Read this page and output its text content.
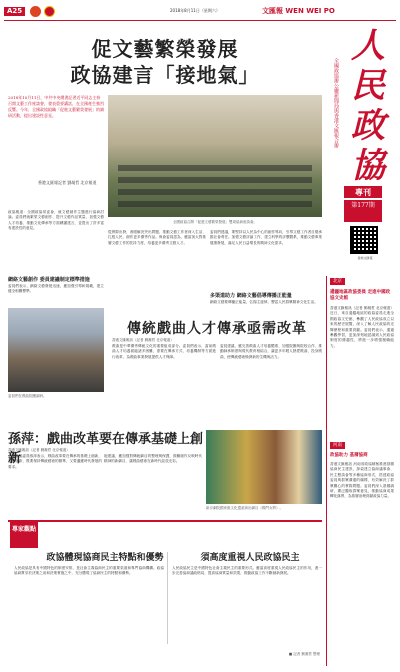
A25	2018年8月11日（星期六）	文匯報 WEN WEI PO
促文藝繁榮發展
政協建言「接地氣」	全國政協辦公廳新聞局與香港文匯報合辦
人民政協
專刊
第177期
香港文匯報
2018年10月11日，中共中央總書記習近平同志主持召開文藝工作座談會，發表重要講話，在全國產生強烈反響。今年，全國政協組織「促進文藝繁榮發展」的調研活動，提出建設性意見。
全國政協召開「促進文藝繁榮發展」雙周協商座談會。
香港文匯報記者 劉凝哲 北京報道
政協報道：全國政協常委會，就文藝創作主題進行協商討論。委員們就繁榮文藝創作、提升文藝作品質量、加強文藝人才培養、推動文化傳承等方面踴躍建言，並提出了許多富有建設性的意見。
網絡文藝創作 委員建議制定標準措施
委員們表示，網絡文藝發展迅速，應加強引導和規範，建立健全相關標準。
從實際出發，著眼解決突出問題，推動文藝工作者深入生活、扎根人民，創作更多優秀作品。與會委員認為，應當加大對基層文藝工作的扶持力度，培養更多優秀文藝人才。
委員們建議，要堅持以人民為中心的創作導向，引導文藝工作者自覺承擔社會責任。加強文藝評論工作，建立科學的評價體系，推動文藝事業健康發展，滿足人民日益增長的精神文化需求。
多渠道助力 網絡文藝倡導傳播正能量
網絡文藝要傳播正能量，弘揚主旋律，豐富人民群眾精神文化生活。
委員們在戲曲院團調研。
傳統戲曲人才傳承亟需改革
香港文匯報訊（記者 劉凝哲 北京報道）
戲曲是中華優秀傳統文化的重要組成部分。委員們表示，當前戲曲人才培養面臨諸多困難，需要在傳承方式、培養機制等方面進行改革，為戲曲事業發展提供人才保障。
委員建議，應完善戲曲人才培養體系，加強院團與院校合作，推動師承制度與現代教育相結合，讓更多年輕人熱愛戲曲、投身戲曲，使傳統藝術煥發新的生機與活力。
孫萍：戲曲改革要在傳承基礎上創新
香港文匯報訊（記者 劉凝哲 北京報道）
全國政協委員孫萍表示，戲曲改革要在傳承的基礎上創新，守正創新，既要保持傳統藝術的精華，又要適應時代發展的要求。
她建議，應加強對傳統劇目的整理與保護，鼓勵創作反映時代精神的新劇目，讓戲曲藝術在新時代綻放光彩。
新京劇院國家級文化遺產演出劇目《楊門女將》。
北京
邊疆地區政協委員 走進中國政協文史館
香港文匯報訊（記者 劉凝哲 北京報道）近日，來自邊疆地區的政協委員走進全國政協文史館，參觀了人民政協成立以來的歷史展覽，深入了解人民政協的光輝歷程和重要貢獻。委員們表示，通過參觀學習，更加深刻地認識到人民政協制度的優越性，將進一步增強履職能力。
河南
政協助力 基層協商
香港文匯報訊 河南省政協積極推進基層協商民主建設，探索建立協商議事會、民主懇談會等多種協商形式，搭建政協委員與群眾溝通的橋樑，有效解決了群眾關心的實際問題。委員們深入基層調研，廣泛聽取群眾意見，推動協商成果轉化落實，為基層治理貢獻政協力量。
專家觀點
政協體現協商民主特點和優勢	須高度重視人民政協民主
人民政協是具有中國特色的制度安排，是社會主義協商民主的重要渠道和專門協商機構。政協協商貫穿於決策之前和決策實施之中，充分體現了協商民主的特點和優勢。
人民政協民主是中國特色社會主義民主的重要形式。應當高度重視人民政協民主的作用，進一步完善協商議政格局，提高協商質量和效果，推動政協工作不斷創新發展。
■ 記者 劉凝哲 整理
